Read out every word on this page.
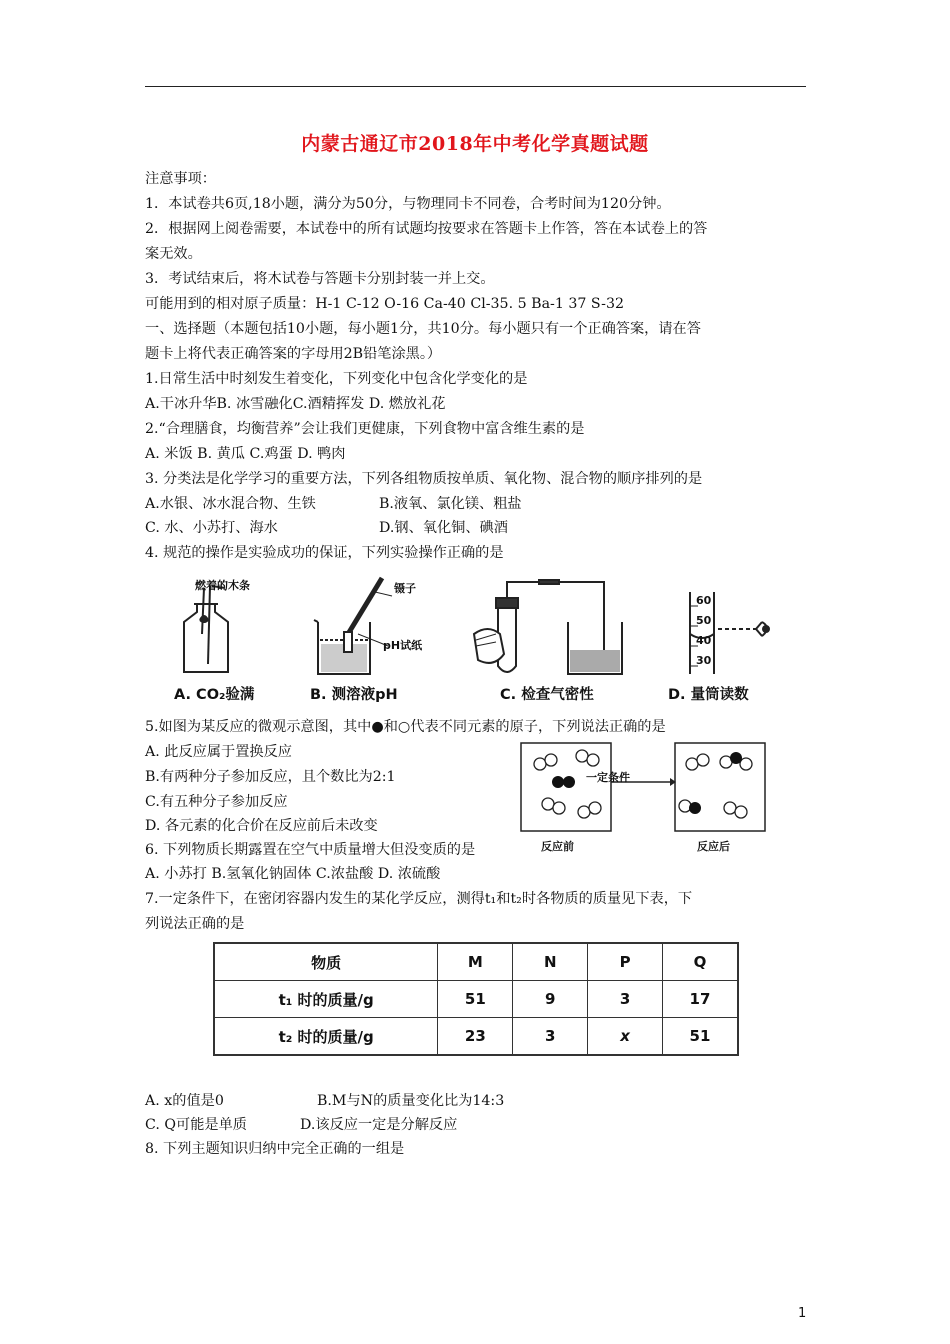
内蒙古通辽市2018年中考化学真题试题
注意事项：
1．本试卷共6页,18小题，满分为50分，与物理同卡不同卷，合考时间为120分钟。
2．根据网上阅卷需要，本试卷中的所有试题均按要求在答题卡上作答，答在本试卷上的答
案无效。
3．考试结束后，将木试卷与答题卡分别封装一并上交。
可能用到的相对原子质量：H-1 C-12 O-16 Ca-40 Cl-35. 5 Ba-1 37 S-32
一、选择题（本题包括10小题，每小题1分，共10分。每小题只有一个正确答案，请在答
题卡上将代表正确答案的字母用2B铅笔涂黑。）
1.日常生活中时刻发生着变化，下列变化中包含化学变化的是
A.干冰升华B. 冰雪融化C.酒精挥发 D. 燃放礼花
2.“合理膳食，均衡营养”会让我们更健康，下列食物中富含维生素的是
A. 米饭 B. 黄瓜 C.鸡蛋 D. 鸭肉
3. 分类法是化学学习的重要方法，下列各组物质按单质、氧化物、混合物的顺序排列的是
A.水银、冰水混合物、生铁	B.液氧、氯化镁、粗盐
C. 水、小苏打、海水	D.钢、氧化铜、碘酒
4. 规范的操作是实验成功的保证，下列实验操作正确的是
燃着的木条	镊子
pH试纸
60
50
40
30
A. CO₂验满	B. 测溶液pH	C. 检查气密性	D. 量筒读数
5.如图为某反应的微观示意图，其中●和○代表不同元素的原子，下列说法正确的是
A. 此反应属于置换反应
B.有两种分子参加反应，且个数比为2:1
C.有五种分子参加反应
D. 各元素的化合价在反应前后未改变
一定条件
反应前	反应后
6. 下列物质长期露置在空气中质量增大但没变质的是
A. 小苏打 B.氢氧化钠固体 C.浓盐酸 D. 浓硫酸
7.一定条件下，在密闭容器内发生的某化学反应，测得t₁和t₂时各物质的质量见下表，下
列说法正确的是
物质	M	N	P	Q
t₁ 时的质量/g	51	9	3	17
t₂ 时的质量/g	23	3	x	51
A. x的值是0	B.M与N的质量变化比为14:3
C. Q可能是单质	D.该反应一定是分解反应
8. 下列主题知识归纳中完全正确的一组是
1
